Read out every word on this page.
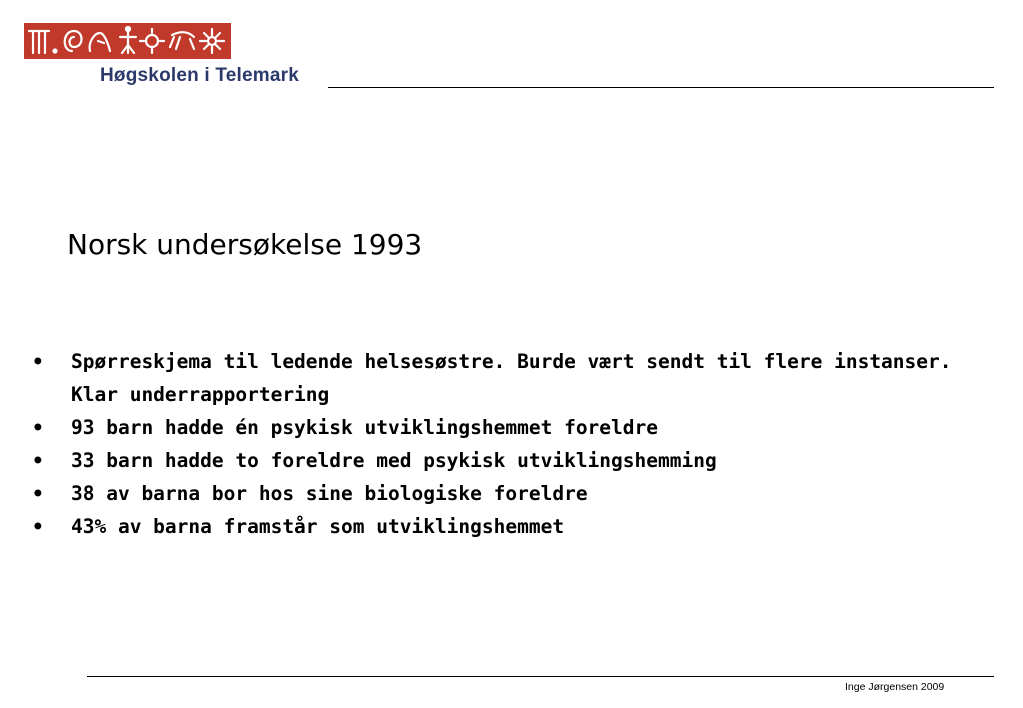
Høgskolen i Telemark
Norsk undersøkelse 1993
•	Spørreskjema til ledende helsesøstre. Burde vært sendt til flere instanser. Klar underrapportering
•	93 barn hadde én psykisk utviklingshemmet foreldre
•	33 barn hadde to foreldre med psykisk utviklingshemming
•	38 av barna bor hos sine biologiske foreldre
•	43% av barna framstår som utviklingshemmet
Inge Jørgensen 2009
